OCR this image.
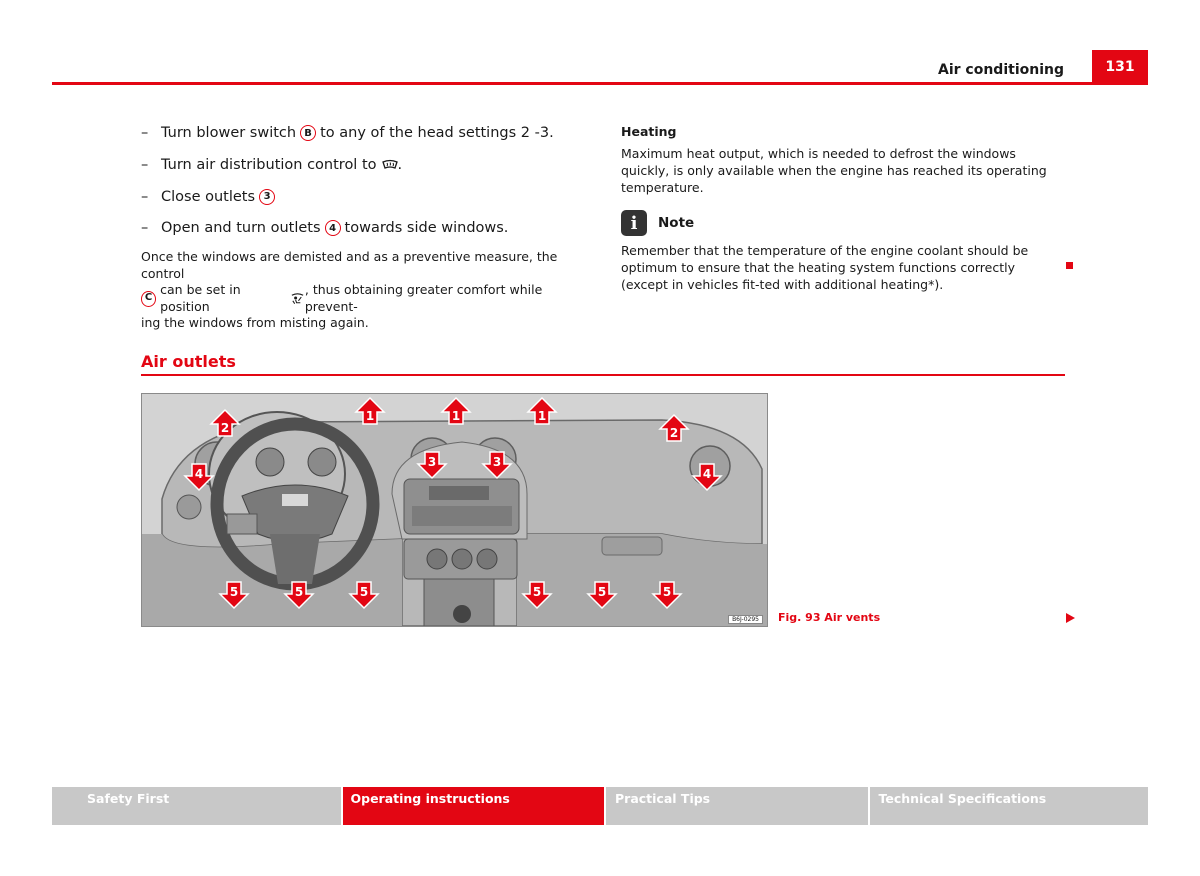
Air conditioning	131
– Turn blower switch B to any of the head settings 2 -3.
– Turn air distribution control to .
– Close outlets 3
– Open and turn outlets 4 towards side windows.
Once the windows are demisted and as a preventive measure, the control
C
can be set in position
, thus obtaining greater comfort while prevent-
ing the windows from misting again.
Heating
Maximum heat output, which is needed to defrost the windows quickly, is only available when the engine has reached its operating temperature.
i	Note
Remember that the temperature of the engine coolant should be optimum to ensure that the heating system functions correctly (except in vehicles fit-ted with additional heating*).
Air outlets
1	1	1
2	2
3	3
4	4
5	5	5	5	5	5
B6J-0295	Fig. 93 Air vents
Safety First	Operating instructions	Practical Tips	Technical Specifications
